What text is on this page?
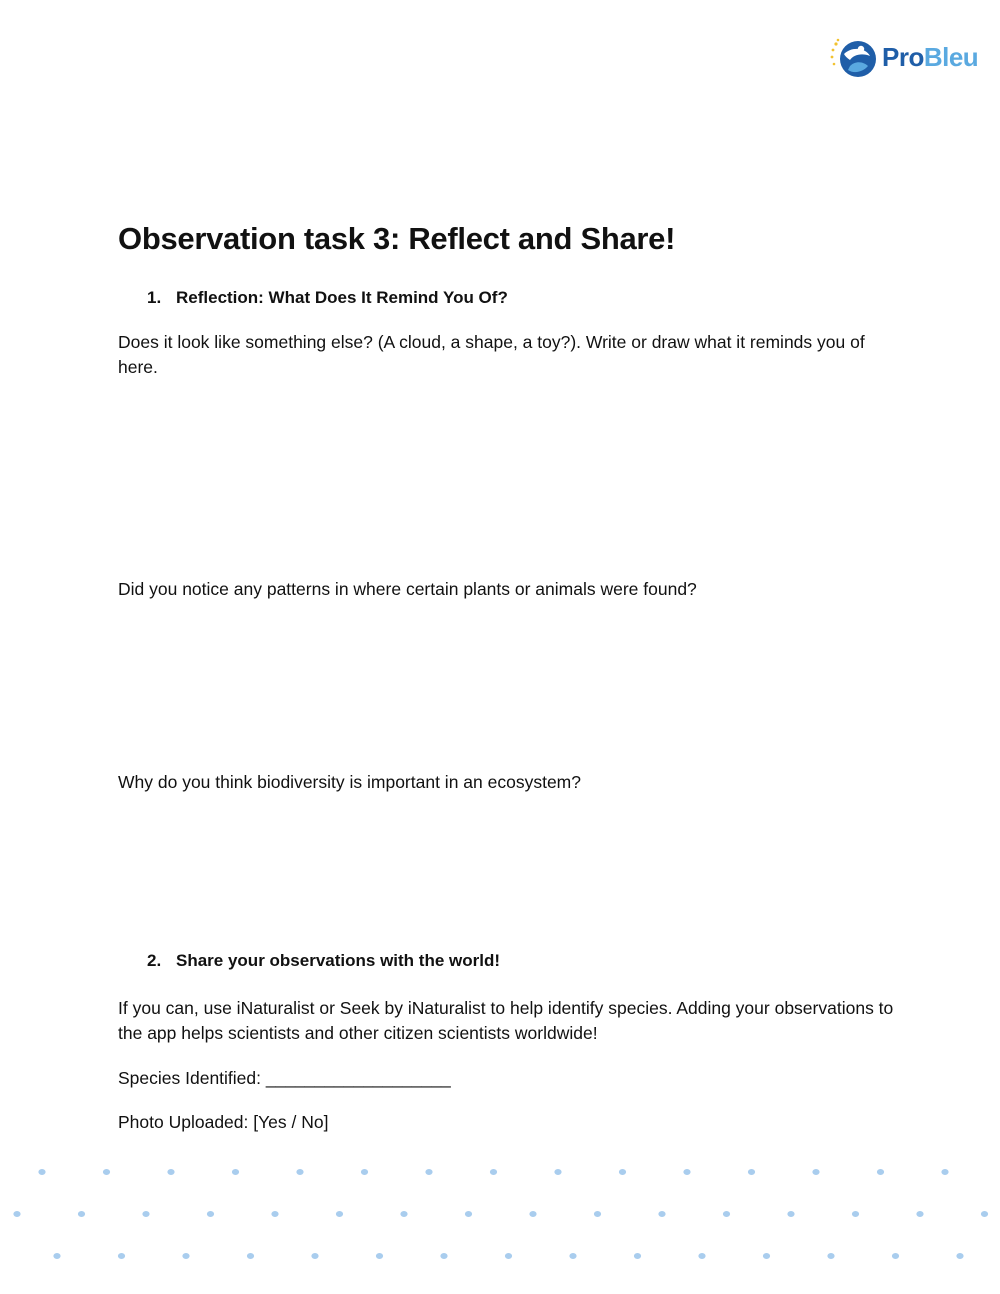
ProBleu
Observation task 3: Reflect and Share!
1. Reflection: What Does It Remind You Of?

Does it look like something else? (A cloud, a shape, a toy?). Write or draw what it reminds you of here.

Did you notice any patterns in where certain plants or animals were found?

Why do you think biodiversity is important in an ecosystem?

2. Share your observations with the world!

If you can, use iNaturalist or Seek by iNaturalist to help identify species. Adding your observations to the app helps scientists and other citizen scientists worldwide!

Species Identified: ___________________

Photo Uploaded: [Yes / No]
